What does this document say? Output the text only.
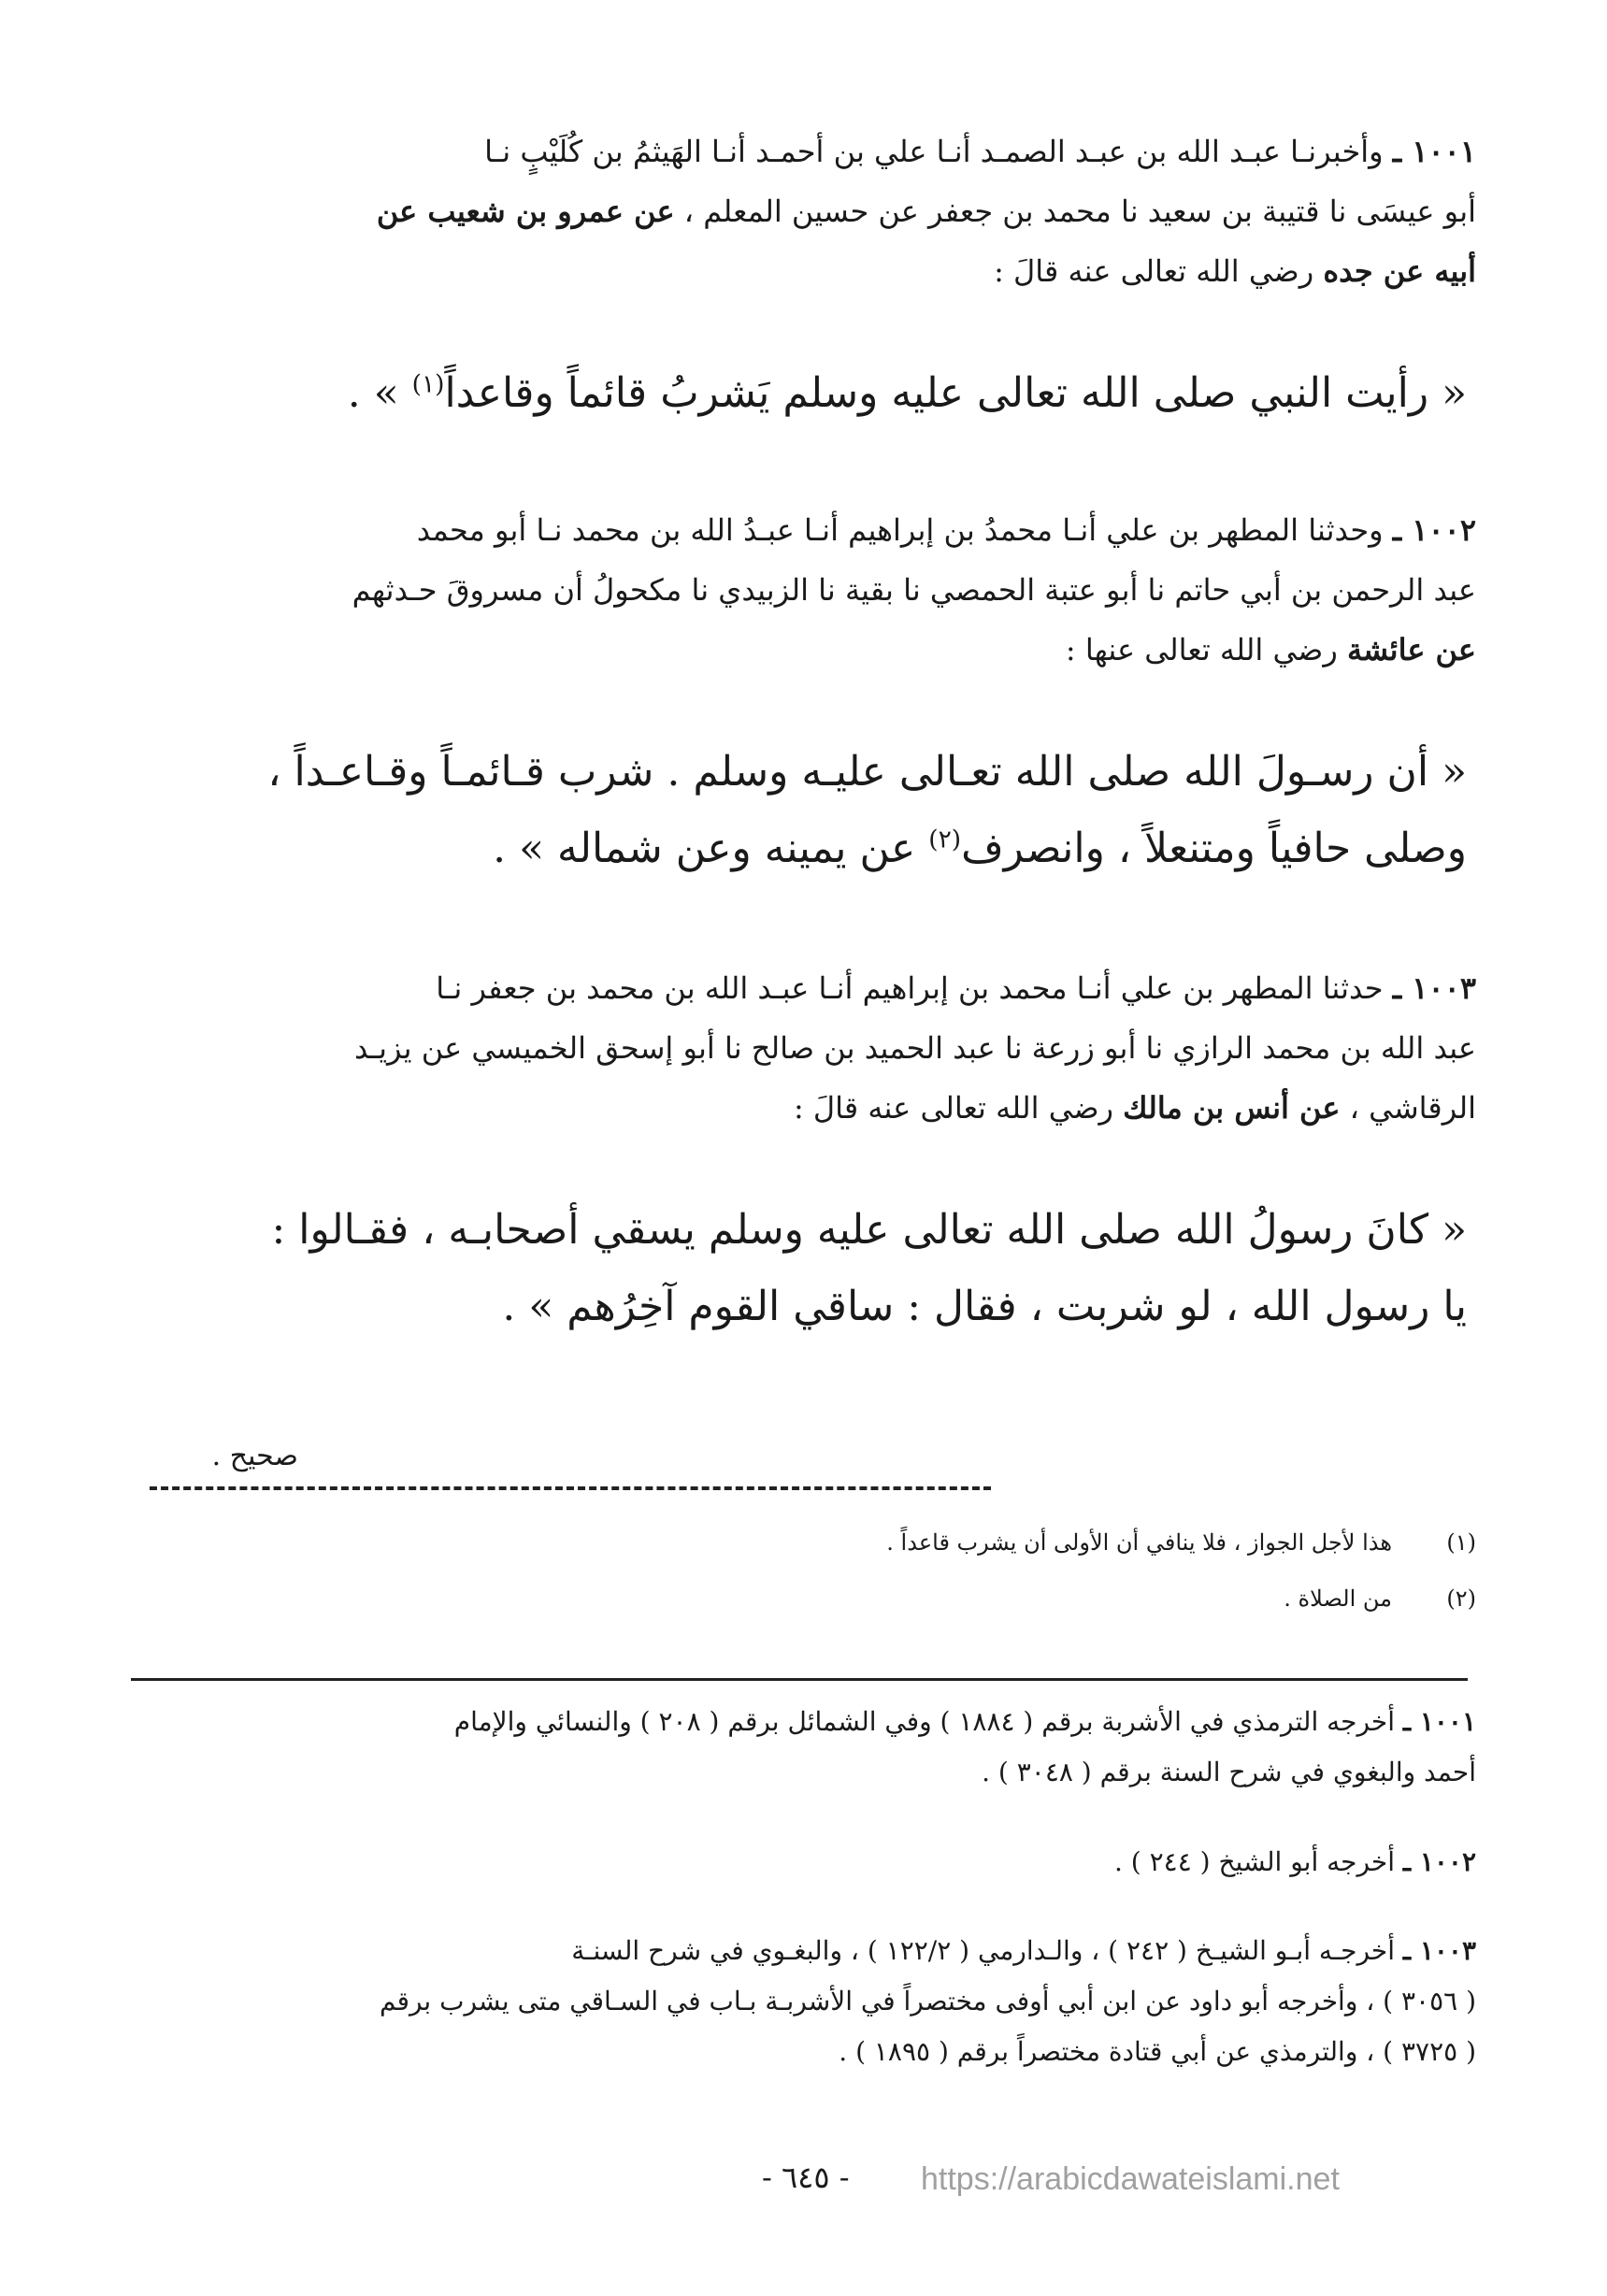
١٠٠١ ـ وأخبرنـا عبـد الله بن عبـد الصمـد أنـا علي بن أحمـد أنـا الهَيثمُ بن كُلَيْبٍ نـا

أبو عيسَى نا قتيبة بن سعيد نا محمد بن جعفر عن حسين المعلم ، عن عمرو بن شعيب عن

أبيه عن جده رضي الله تعالى عنه قالَ :

« رأيت النبي صلى الله تعالى عليه وسلم يَشربُ قائماً وقاعداً$^{(١)}$ » .

١٠٠٢ ـ وحدثنا المطهر بن علي أنـا محمدُ بن إبراهيم أنـا عبـدُ الله بن محمد نـا أبو محمد

عبد الرحمن بن أبي حاتم نا أبو عتبة الحمصي نا بقية نا الزبيدي نا مكحولُ أن مسروقَ حـدثهم

عن عائشة رضي الله تعالى عنها :

« أن رسـولَ الله صلى الله تعـالى عليـه وسلم . شرب قـائمـاً وقـاعـداً ،

وصلى حافياً ومتنعلاً ، وانصرف$^{(٢)}$ عن يمينه وعن شماله » .

١٠٠٣ ـ حدثنا المطهر بن علي أنـا محمد بن إبراهيم أنـا عبـد الله بن محمد بن جعفر نـا

عبد الله بن محمد الرازي نا أبو زرعة نا عبد الحميد بن صالح نا أبو إسحق الخميسي عن يزيـد

الرقاشي ، عن أنس بن مالك رضي الله تعالى عنه قالَ :

« كانَ رسولُ الله صلى الله تعالى عليه وسلم يسقي أصحابـه ، فقـالوا :

يا رسول الله ، لو شربت ، فقال : ساقي القوم آخِرُهم » .

صحيح .
(١)هذا لأجل الجواز ، فلا ينافي أن الأولى أن يشرب قاعداً .
(٢)من الصلاة .

١٠٠١ ـ أخرجه الترمذي في الأشربة برقم ( ١٨٨٤ ) وفي الشمائل برقم ( ٢٠٨ ) والنسائي والإمام

أحمد والبغوي في شرح السنة برقم ( ٣٠٤٨ ) .

١٠٠٢ ـ أخرجه أبو الشيخ ( ٢٤٤ ) .

١٠٠٣ ـ أخرجـه أبـو الشيـخ ( ٢٤٢ ) ، والـدارمي ( ١٢٢/٢ ) ، والبغـوي في شرح السنـة

( ٣٠٥٦ ) ، وأخرجه أبو داود عن ابن أبي أوفى مختصراً في الأشربـة بـاب في السـاقي متى يشرب برقم

( ٣٧٢٥ ) ، والترمذي عن أبي قتادة مختصراً برقم ( ١٨٩٥ ) .

- ٦٤٥ - https://arabicdawateislami.net
